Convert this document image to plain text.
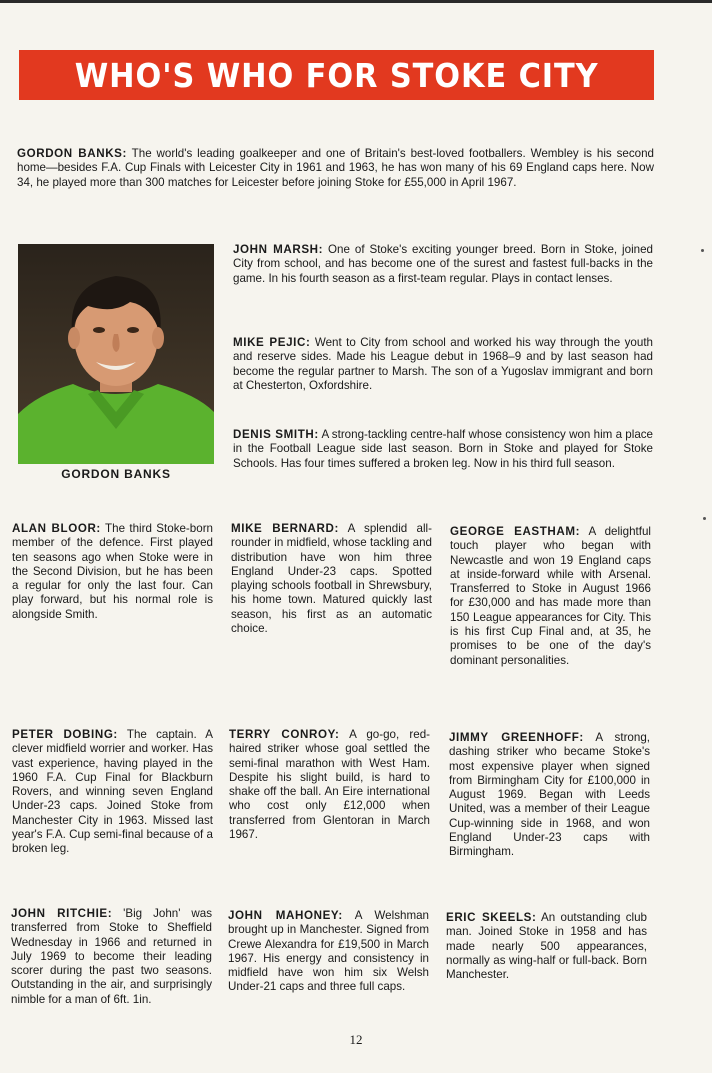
WHO'S WHO FOR STOKE CITY

GORDON BANKS: The world's leading goalkeeper and one of Britain's best-loved footballers. Wembley is his second home—besides F.A. Cup Finals with Leicester City in 1961 and 1963, he has won many of his 69 England caps here. Now 34, he played more than 300 matches for Leicester before joining Stoke for £55,000 in April 1967.

GORDON BANKS

JOHN MARSH: One of Stoke's exciting younger breed. Born in Stoke, joined City from school, and has become one of the surest and fastest full-backs in the game. In his fourth season as a first-team regular. Plays in contact lenses.

MIKE PEJIC: Went to City from school and worked his way through the youth and reserve sides. Made his League debut in 1968–9 and by last season had become the regular partner to Marsh. The son of a Yugoslav immigrant and born at Chesterton, Oxfordshire.

DENIS SMITH: A strong-tackling centre-half whose consistency won him a place in the Football League side last season. Born in Stoke and played for Stoke Schools. Has four times suffered a broken leg. Now in his third full season.

ALAN BLOOR: The third Stoke-born member of the defence. First played ten seasons ago when Stoke were in the Second Division, but he has been a regular for only the last four. Can play forward, but his normal role is alongside Smith.

MIKE BERNARD: A splendid all-rounder in midfield, whose tackling and distribution have won him three England Under-23 caps. Spotted playing schools football in Shrewsbury, his home town. Matured quickly last season, his first as an automatic choice.

GEORGE EASTHAM: A delightful touch player who began with Newcastle and won 19 England caps at inside-forward while with Arsenal. Transferred to Stoke in August 1966 for £30,000 and has made more than 150 League appearances for City. This is his first Cup Final and, at 35, he promises to be one of the day's dominant personalities.

PETER DOBING: The captain. A clever midfield worrier and worker. Has vast experience, having played in the 1960 F.A. Cup Final for Blackburn Rovers, and winning seven England Under-23 caps. Joined Stoke from Manchester City in 1963. Missed last year's F.A. Cup semi-final because of a broken leg.

TERRY CONROY: A go-go, red-haired striker whose goal settled the semi-final marathon with West Ham. Despite his slight build, is hard to shake off the ball. An Eire international who cost only £12,000 when transferred from Glentoran in March 1967.

JIMMY GREENHOFF: A strong, dashing striker who became Stoke's most expensive player when signed from Birmingham City for £100,000 in August 1969. Began with Leeds United, was a member of their League Cup-winning side in 1968, and won England Under-23 caps with Birmingham.

JOHN RITCHIE: 'Big John' was transferred from Stoke to Sheffield Wednesday in 1966 and returned in July 1969 to become their leading scorer during the past two seasons. Outstanding in the air, and surprisingly nimble for a man of 6ft. 1in.

JOHN MAHONEY: A Welshman brought up in Manchester. Signed from Crewe Alexandra for £19,500 in March 1967. His energy and consistency in midfield have won him six Welsh Under-21 caps and three full caps.

ERIC SKEELS: An outstanding club man. Joined Stoke in 1958 and has made nearly 500 appearances, normally as wing-half or full-back. Born Manchester.

12
